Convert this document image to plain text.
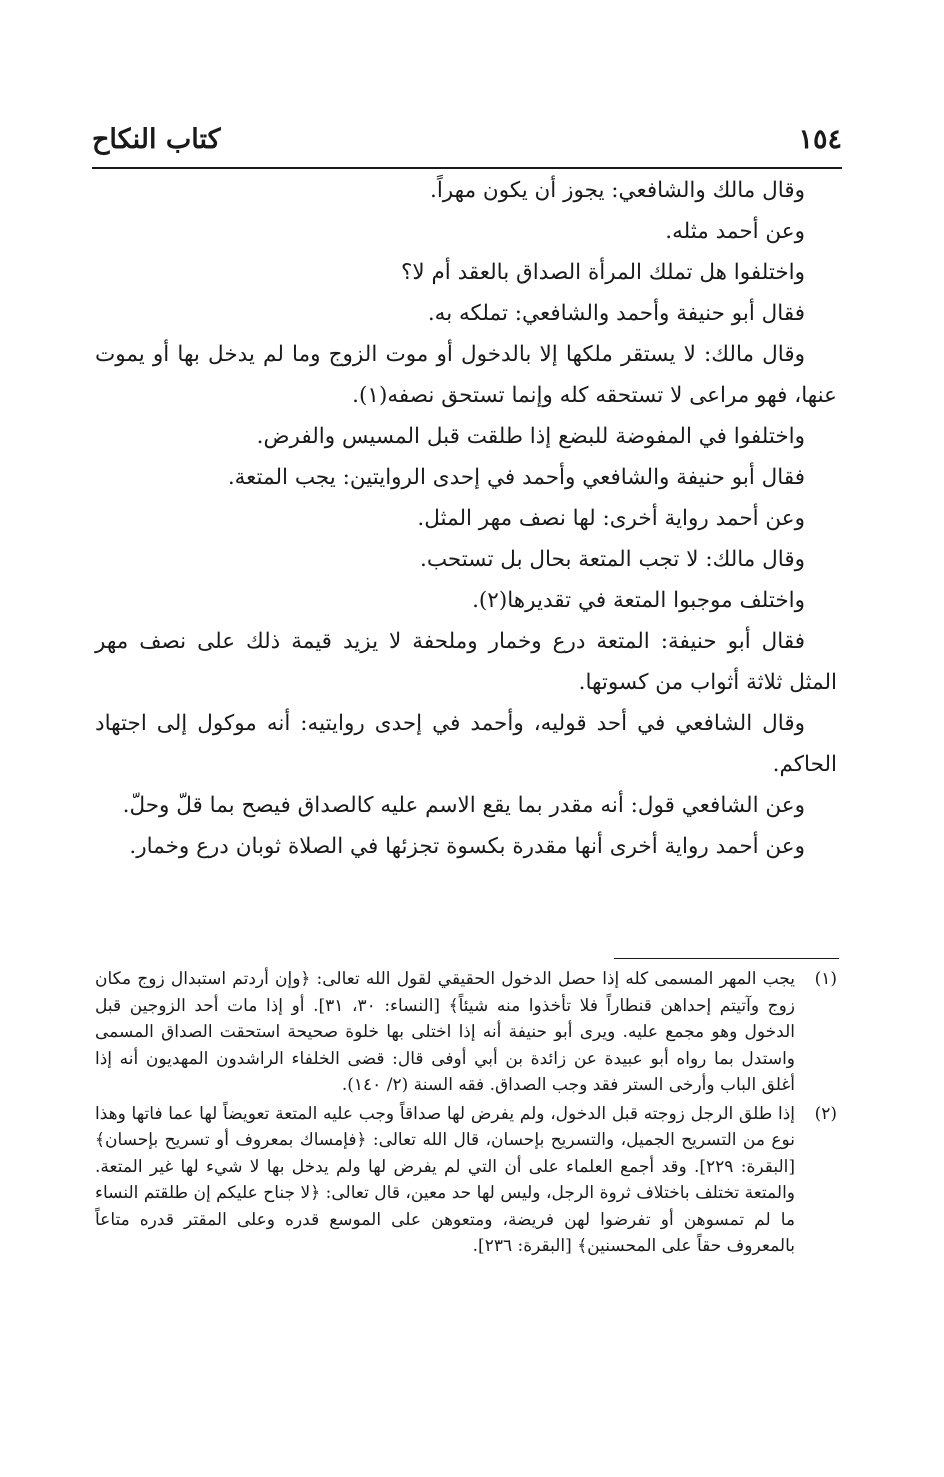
١٥٤
كتاب النكاح

وقال مالك والشافعي: يجوز أن يكون مهراً.

وعن أحمد مثله.

واختلفوا هل تملك المرأة الصداق بالعقد أم لا؟

فقال أبو حنيفة وأحمد والشافعي: تملكه به.

وقال مالك: لا يستقر ملكها إلا بالدخول أو موت الزوج وما لم يدخل بها أو يموت عنها، فهو مراعى لا تستحقه كله وإنما تستحق نصفه(١).

واختلفوا في المفوضة للبضع إذا طلقت قبل المسيس والفرض.

فقال أبو حنيفة والشافعي وأحمد في إحدى الروايتين: يجب المتعة.

وعن أحمد رواية أخرى: لها نصف مهر المثل.

وقال مالك: لا تجب المتعة بحال بل تستحب.

واختلف موجبوا المتعة في تقديرها(٢).

فقال أبو حنيفة: المتعة درع وخمار وملحفة لا يزيد قيمة ذلك على نصف مهر المثل ثلاثة أثواب من كسوتها.

وقال الشافعي في أحد قوليه، وأحمد في إحدى روايتيه: أنه موكول إلى اجتهاد الحاكم.

وعن الشافعي قول: أنه مقدر بما يقع الاسم عليه كالصداق فيصح بما قلّ وحلّ.

وعن أحمد رواية أخرى أنها مقدرة بكسوة تجزئها في الصلاة ثوبان درع وخمار.

(١)
يجب المهر المسمى كله إذا حصل الدخول الحقيقي لقول الله تعالى: ﴿وإن أردتم استبدال زوج مكان زوج وآتيتم إحداهن قنطاراً فلا تأخذوا منه شيئاً﴾ [النساء: ٣٠، ٣١]. أو إذا مات أحد الزوجين قبل الدخول وهو مجمع عليه. ويرى أبو حنيفة أنه إذا اختلى بها خلوة صحيحة استحقت الصداق المسمى واستدل بما رواه أبو عبيدة عن زائدة بن أبي أوفى قال: قضى الخلفاء الراشدون المهديون أنه إذا أغلق الباب وأرخى الستر فقد وجب الصداق. فقه السنة (٢/ ١٤٠).
(٢)
إذا طلق الرجل زوجته قبل الدخول، ولم يفرض لها صداقاً وجب عليه المتعة تعويضاً لها عما فاتها وهذا نوع من التسريح الجميل، والتسريح بإحسان، قال الله تعالى: ﴿فإمساك بمعروف أو تسريح بإحسان﴾ [البقرة: ٢٢٩]. وقد أجمع العلماء على أن التي لم يفرض لها ولم يدخل بها لا شيء لها غير المتعة. والمتعة تختلف باختلاف ثروة الرجل، وليس لها حد معين، قال تعالى: ﴿لا جناح عليكم إن طلقتم النساء ما لم تمسوهن أو تفرضوا لهن فريضة، ومتعوهن على الموسع قدره وعلى المقتر قدره متاعاً بالمعروف حقاً على المحسنين﴾ [البقرة: ٢٣٦].
